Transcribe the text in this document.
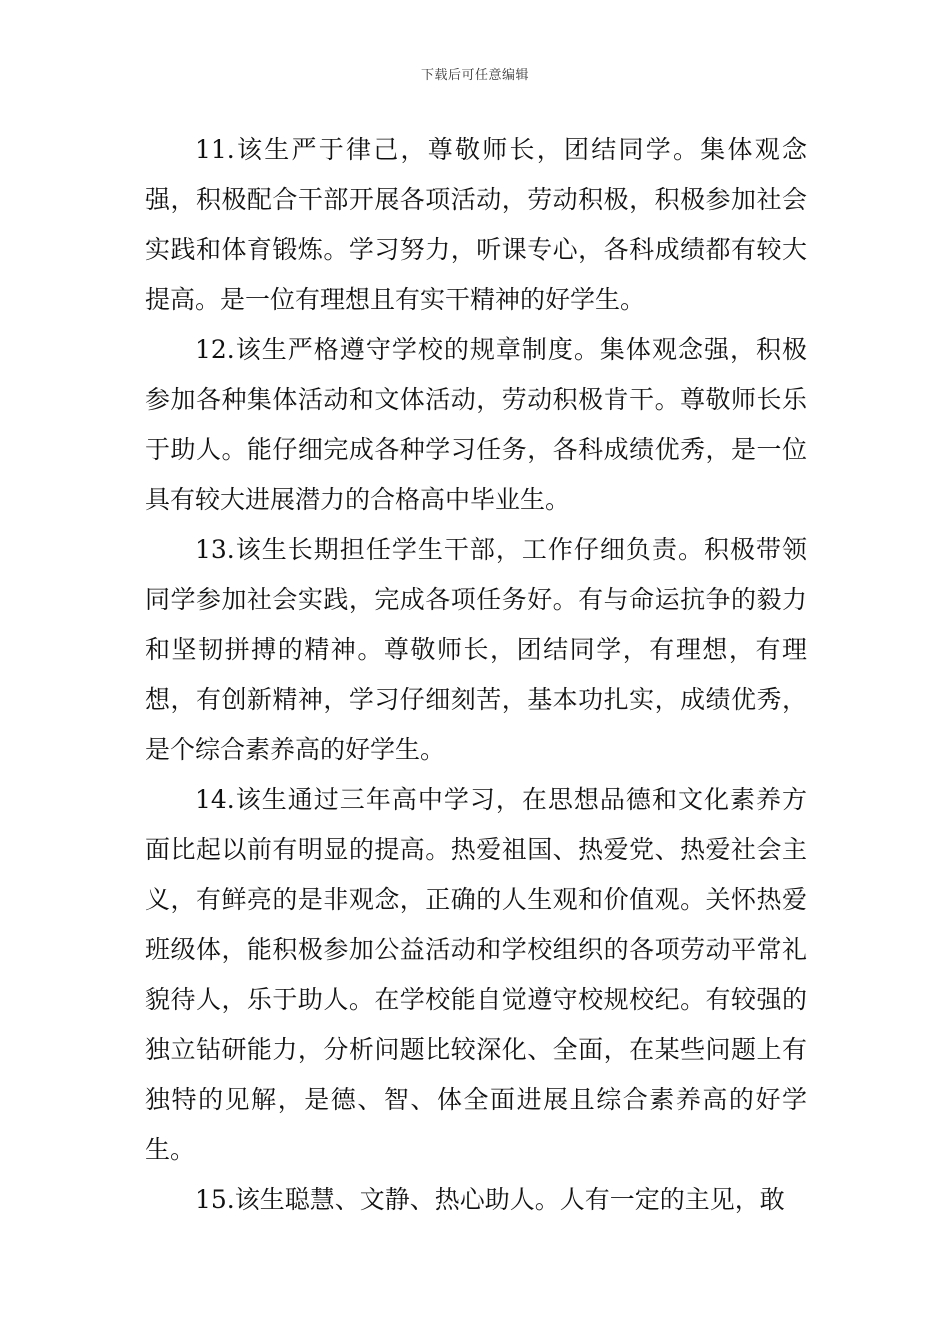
下载后可任意编辑

11.该生严于律己，尊敬师长，团结同学。集体观念强，积极配合干部开展各项活动，劳动积极，积极参加社会实践和体育锻炼。学习努力，听课专心，各科成绩都有较大提高。是一位有理想且有实干精神的好学生。

12.该生严格遵守学校的规章制度。集体观念强，积极参加各种集体活动和文体活动，劳动积极肯干。尊敬师长乐于助人。能仔细完成各种学习任务，各科成绩优秀，是一位具有较大进展潜力的合格高中毕业生。

13.该生长期担任学生干部，工作仔细负责。积极带领同学参加社会实践，完成各项任务好。有与命运抗争的毅力和坚韧拼搏的精神。尊敬师长，团结同学，有理想，有理想，有创新精神，学习仔细刻苦，基本功扎实，成绩优秀，是个综合素养高的好学生。

14.该生通过三年高中学习，在思想品德和文化素养方面比起以前有明显的提高。热爱祖国、热爱党、热爱社会主义，有鲜亮的是非观念，正确的人生观和价值观。关怀热爱班级体，能积极参加公益活动和学校组织的各项劳动平常礼貌待人，乐于助人。在学校能自觉遵守校规校纪。有较强的独立钻研能力，分析问题比较深化、全面，在某些问题上有独特的见解，是德、智、体全面进展且综合素养高的好学生。

15.该生聪慧、文静、热心助人。人有一定的主见，敢
